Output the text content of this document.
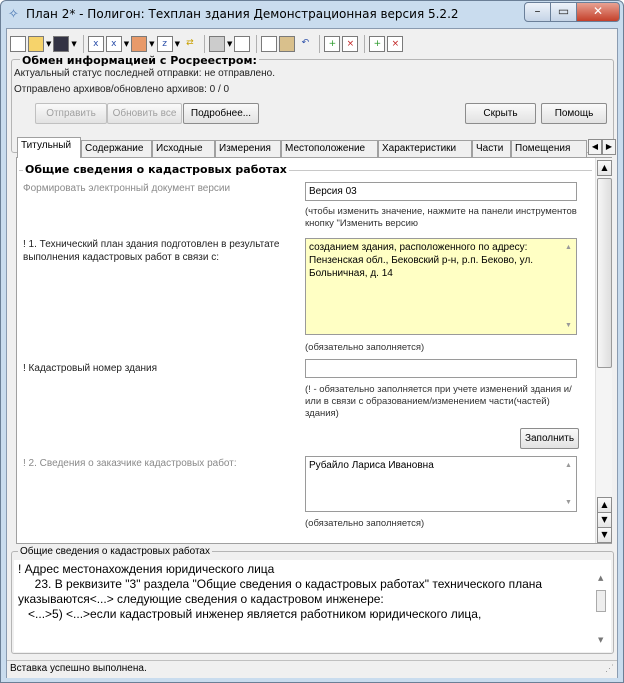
✧ План 2* - Полигон: Техплан здания Демонстрационная версия 5.2.2	–	▭	✕

▼
	▼	x	x	▼
	▼ z	▼ ⇄
	▼

	↶	+	×	+	×
Обмен информацией с Росреестром:
Актуальный статус последней отправки: не отправлено.
Отправлено архивов/обновлено архивов: 0 / 0
Отправить	Обновить все	Подробнее...	Скрыть	Помощь
Титульный	Содержание	Исходные	Измерения	Местоположение	Характеристики	Части	Помещения	◀ ▶
Общие сведения о кадастровых работах
Формировать электронный документ версии	Версия 03
(чтобы изменить значение, нажмите на панели инструментов кнопку "Изменить версию
! 1. Технический план здания подготовлен в результате выполнения кадастровых работ в связи с:
созданием здания, расположенного по адресу: Пензенская обл., Бековский р-н, р.п. Беково, ул. Больничная, д. 14
▲
▼
(обязательно заполняется)
! Кадастровый номер здания
(! - обязательно заполняется при учете изменений здания и/или в связи с образованием/изменением части(частей) здания)
Заполнить
! 2. Сведения о заказчике кадастровых работ:	Рубайло Лариса Ивановна	▲
▼
(обязательно заполняется)
▲
▲
▼
▼
Общие сведения о кадастровых работах
! Адрес местонахождения юридического лица
23. В реквизите "3" раздела "Общие сведения о кадастровых работах" технического плана указываются<...> следующие сведения о кадастровом инженере:
<...>5) <...>если кадастровый инженер является работником юридического лица,
▲
▼
Вставка успешно выполнена.	⋰
